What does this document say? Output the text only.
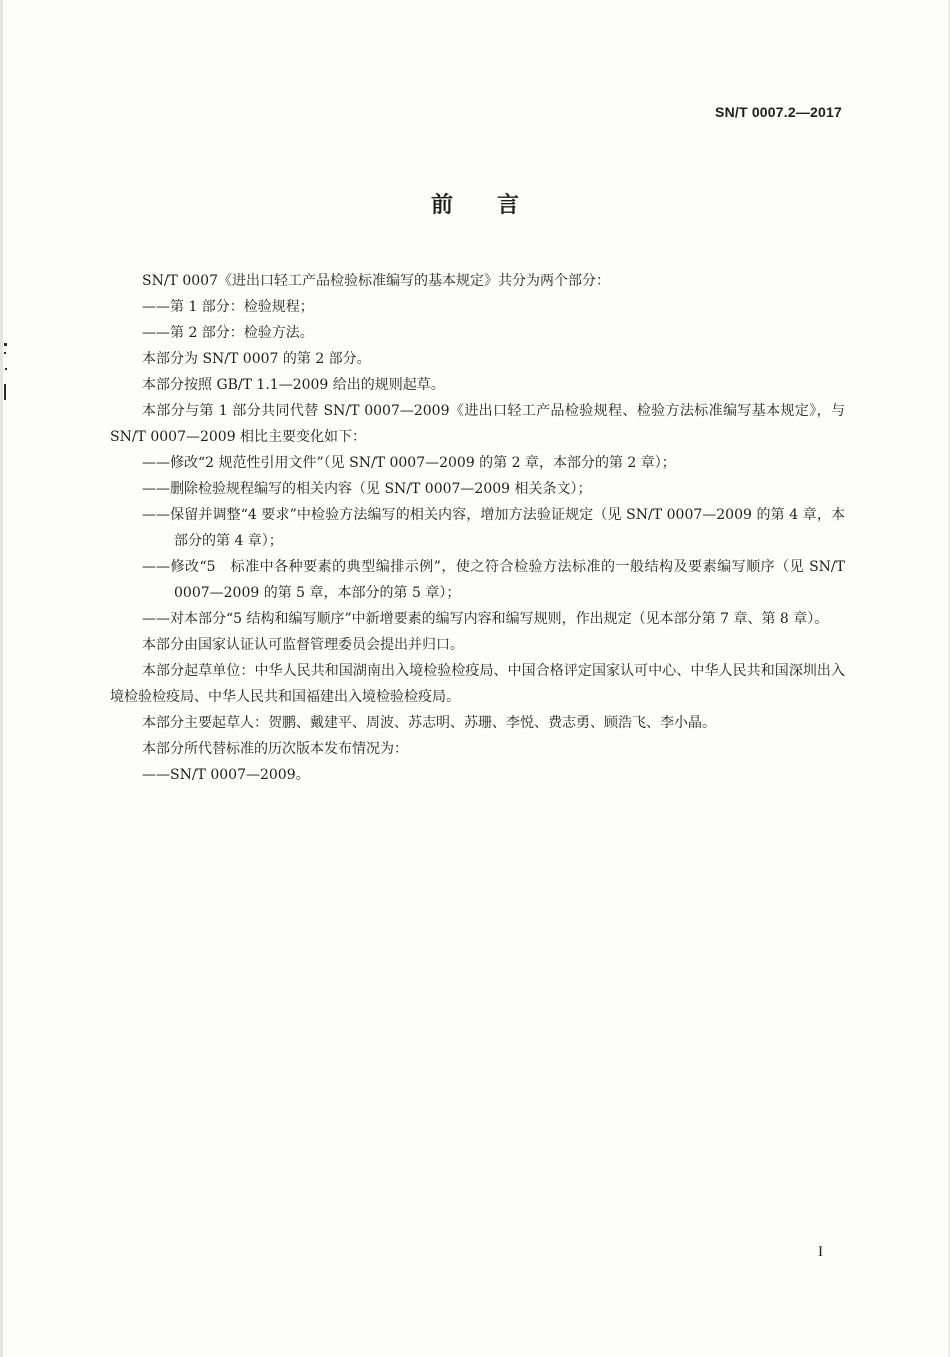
SN/T 0007.2—2017
前言

SN/T 0007《进出口轻工产品检验标准编写的基本规定》共分为两个部分：

——第 1 部分：检验规程；

——第 2 部分：检验方法。

本部分为 SN/T 0007 的第 2 部分。

本部分按照 GB/T 1.1—2009 给出的规则起草。

本部分与第 1 部分共同代替 SN/T 0007—2009《进出口轻工产品检验规程、检验方法标准编写基本规定》，与 SN/T 0007—2009 相比主要变化如下：

——修改“2 规范性引用文件”（见 SN/T 0007—2009 的第 2 章，本部分的第 2 章）；

——删除检验规程编写的相关内容（见 SN/T 0007—2009 相关条文）；

——保留并调整“4 要求”中检验方法编写的相关内容，增加方法验证规定（见 SN/T 0007—2009 的第 4 章，本部分的第 4 章）；

——修改“5　标准中各种要素的典型编排示例”，使之符合检验方法标准的一般结构及要素编写顺序（见 SN/T 0007—2009 的第 5 章，本部分的第 5 章）；

——对本部分“5 结构和编写顺序”中新增要素的编写内容和编写规则，作出规定（见本部分第 7 章、第 8 章）。

本部分由国家认证认可监督管理委员会提出并归口。

本部分起草单位：中华人民共和国湖南出入境检验检疫局、中国合格评定国家认可中心、中华人民共和国深圳出入境检验检疫局、中华人民共和国福建出入境检验检疫局。

本部分主要起草人：贺鹏、戴建平、周波、苏志明、苏珊、李悦、费志勇、顾浩飞、李小晶。

本部分所代替标准的历次版本发布情况为：

——SN/T 0007—2009。

I
